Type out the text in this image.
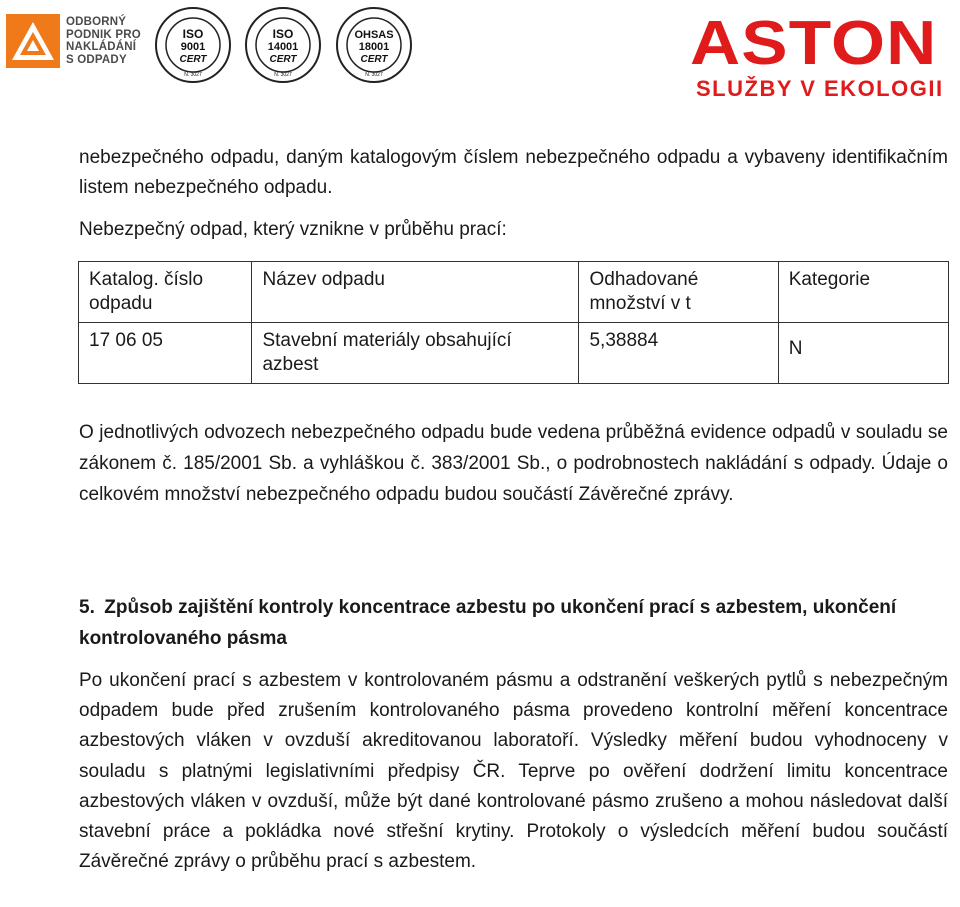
ODBORNÝ
PODNIK PRO
NAKLÁDÁNÍ
S ODPADY
ISO
9001
CERT
N. 3027
ISO
14001
CERT
N. 3027
OHSAS
18001
CERT
N. 3027	ASTON
SLUŽBY V EKOLOGII
nebezpečného odpadu, daným katalogovým číslem nebezpečného odpadu a vybaveny identifikačním listem nebezpečného odpadu.
Nebezpečný odpad, který vznikne v průběhu prací:
Katalog. číslo odpadu	Název odpadu	Odhadované množství v t	Kategorie
17 06 05	Stavební materiály obsahující azbest	5,38884	N
O jednotlivých odvozech nebezpečného odpadu bude vedena průběžná evidence odpadů v souladu se zákonem č. 185/2001 Sb. a vyhláškou č. 383/2001 Sb., o podrobnostech nakládání s odpady. Údaje o celkovém množství nebezpečného odpadu budou součástí Závěrečné zprávy.
5. Způsob zajištění kontroly koncentrace azbestu po ukončení prací s azbestem, ukončení kontrolovaného pásma
Po ukončení prací s azbestem v kontrolovaném pásmu a odstranění veškerých pytlů s nebezpečným odpadem bude před zrušením kontrolovaného pásma provedeno kontrolní měření koncentrace azbestových vláken v ovzduší akreditovanou laboratoří. Výsledky měření budou vyhodnoceny v souladu s platnými legislativními předpisy ČR. Teprve po ověření dodržení limitu koncentrace azbestových vláken v ovzduší, může být dané kontrolované pásmo zrušeno a mohou následovat další stavební práce a pokládka nové střešní krytiny. Protokoly o výsledcích měření budou součástí Závěrečné zprávy o průběhu prací s azbestem.
